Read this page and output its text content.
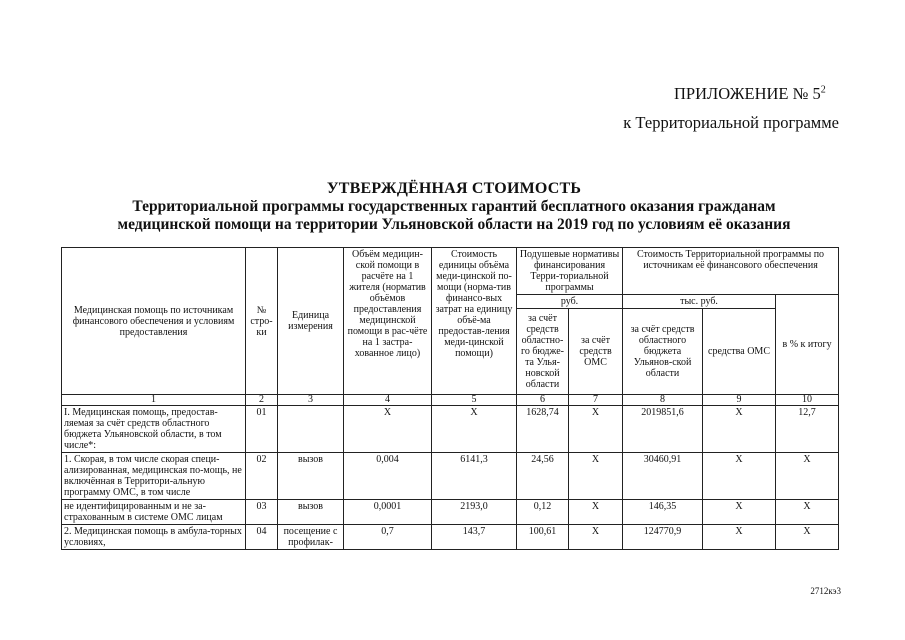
ПРИЛОЖЕНИЕ № $5^2$
к Территориальной программе
УТВЕРЖДЁННАЯ СТОИМОСТЬ
Территориальной программы государственных гарантий бесплатного оказания гражданам
медицинской помощи на территории Ульяновской области на 2019 год по условиям её оказания
Медицинская помощь по источникам финансового обеспечения и условиям предоставления	№ стро-ки	Единица измерения	Объём медицин-ской помощи в расчёте на 1 жителя (норматив объёмов предоставления медицинской помощи в рас-чёте на 1 застра-хованное лицо)	Стоимость единицы объёма меди-цинской по-мощи (норма-тив финансо-вых затрат на единицу объё-ма предостав-ления меди-цинской помощи)	Подушевые нормативы финансирования Терри-ториальной программы		Стоимость Территориальной программы по источникам её финансового обеспечения		
					руб.		тыс. руб.		в % к итогу
					за счёт средств областно-го бюдже-та Улья-новской области	за счёт средств ОМС	за счёт средств областного бюджета Ульянов-ской области	средства ОМС	
1	2	3	4	5	6	7	8	9	10
I. Медицинская помощь, предостав-ляемая за счёт средств областного бюджета Ульяновской области, в том числе*:	01		X	X	1628,74	X	2019851,6	X	12,7
1. Скорая, в том числе скорая специ-ализированная, медицинская по-мощь, не включённая в Территори-альную программу ОМС, в том числе	02	вызов	0,004	6141,3	24,56	X	30460,91	X	X
не идентифицированным и не за-страхованным в системе ОМС лицам	03	вызов	0,0001	2193,0	0,12	X	146,35	X	X
2. Медицинская помощь в амбула-торных условиях,	04	посещение с профилак-	0,7	143,7	100,61	X	124770,9	X	X
2712кэ3
